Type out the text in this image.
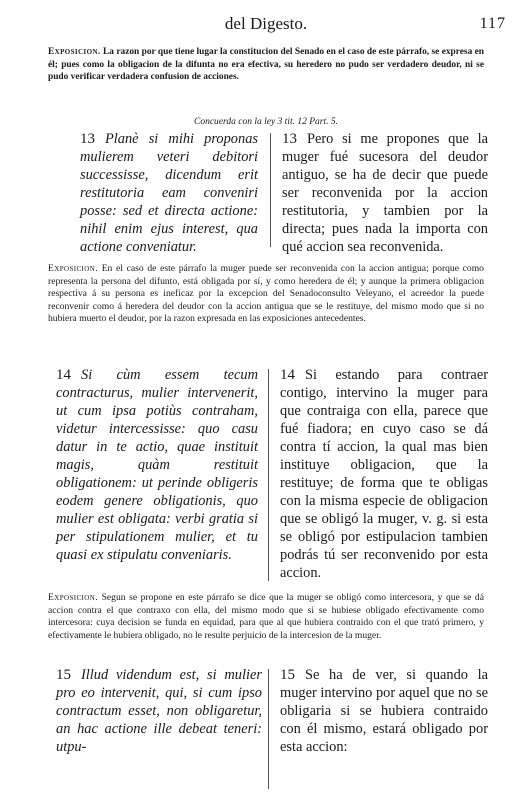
del Digesto.	117
Exposicion. La razon por que tiene lugar la constitucion del Senado en el caso de este párrafo, se expresa en él; pues como la obligacion de la difunta no era efectiva, su heredero no pudo ser verdadero deudor, ni se pudo verificar verdadera confusion de acciones.
Concuerda con la ley 3 tit. 12 Part. 5.
13 Planè si mihi proponas mulierem veteri debitori successisse, dicendum erit restitutoria eam conveniri posse: sed et directa actione: nihil enim ejus interest, qua actione conveniatur.
13 Pero si me propones que la muger fué sucesora del deudor antiguo, se ha de decir que puede ser reconvenida por la accion restitutoria, y tambien por la directa; pues nada la importa con qué accion sea reconvenida.
Exposicion. En el caso de este párrafo la muger puede ser reconvenida con la accion antigua; porque como representa la persona del difunto, está obligada por sí, y como heredera de él; y aunque la primera obligacion respectiva á su persona es ineficaz por la excepcion del Senadoconsulto Veleyano, el acreedor la puede reconvenir como á heredera del deudor con la accion antigua que se le restituye, del mismo modo que si no hubiera muerto el deudor, por la razon expresada en las exposiciones antecedentes.
14 Si cùm essem tecum contracturus, mulier intervenerit, ut cum ipsa potiùs contraham, videtur intercessisse: quo casu datur in te actio, quae instituit magis, quàm restituit obligationem: ut perinde obligeris eodem genere obligationis, quo mulier est obligata: verbi gratia si per stipulationem mulier, et tu quasi ex stipulatu conveniaris.
14 Si estando para contraer contigo, intervino la muger para que contraiga con ella, parece que fué fiadora; en cuyo caso se dá contra tí accion, la qual mas bien instituye obligacion, que la restituye; de forma que te obligas con la misma especie de obligacion que se obligó la muger, v. g. si esta se obligó por estipulacion tambien podrás tú ser reconvenido por esta accion.
Exposicion. Segun se propone en este párrafo se dice que la muger se obligó como intercesora, y que se dá accion contra el que contraxo con ella, del mismo modo que si se hubiese obligado efectivamente como intercesora: cuya decision se funda en equidad, para que al que hubiera contraido con el que trató primero, y efectivamente le hubiera obligado, no le resulte perjuicio de la intercesion de la muger.
15 Illud videndum est, si mulier pro eo intervenit, qui, si cum ipso contractum esset, non obligaretur, an hac actione ille debeat teneri: utpu-
15 Se ha de ver, si quando la muger intervino por aquel que no se obligaria si se hubiera contraido con él mismo, estará obligado por esta accion:
